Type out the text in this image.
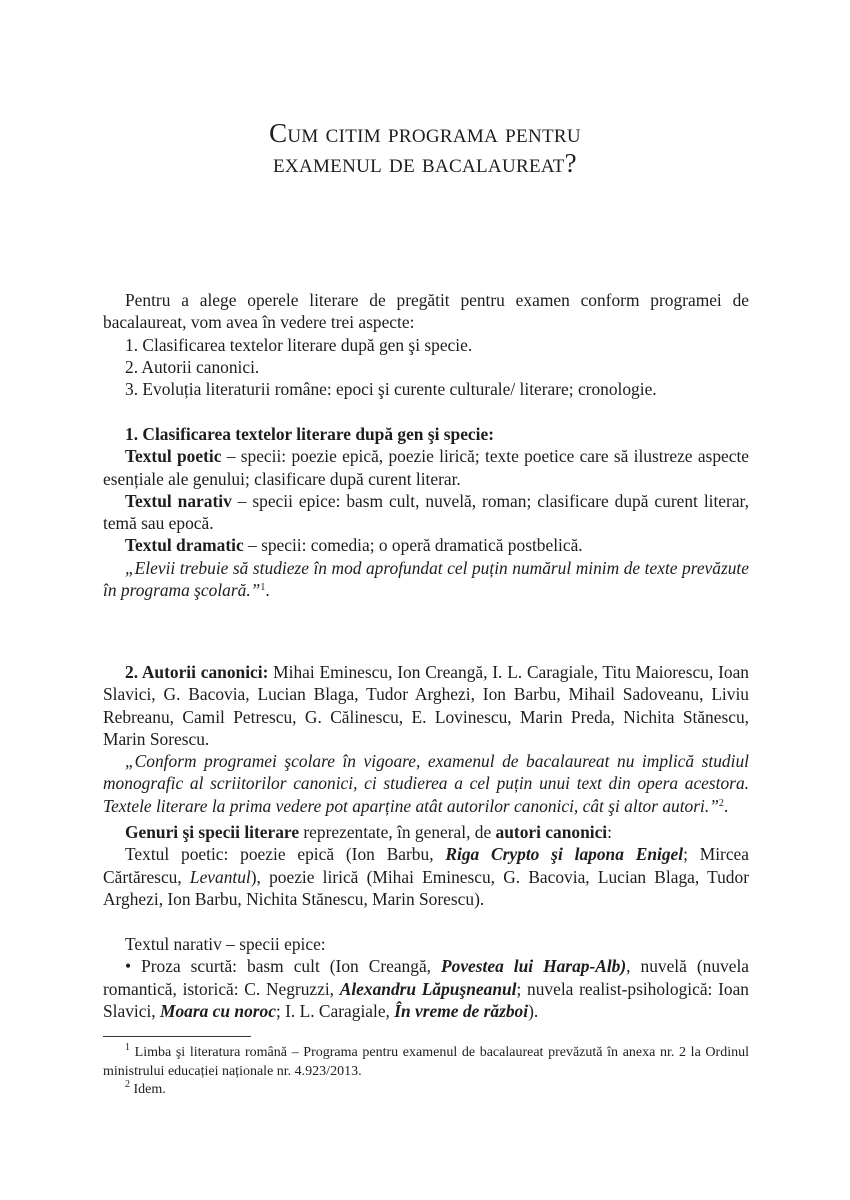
Cum citim programa pentru
examenul de bacalaureat?

Pentru a alege operele literare de pregătit pentru examen conform programei de bacalaureat, vom avea în vedere trei aspecte:

1. Clasificarea textelor literare după gen şi specie.

2. Autorii canonici.

3. Evoluția literaturii române: epoci şi curente culturale/ literare; cronologie.

1. Clasificarea textelor literare după gen şi specie:

Textul poetic – specii: poezie epică, poezie lirică; texte poetice care să ilustreze aspecte esențiale ale genului; clasificare după curent literar.

Textul narativ – specii epice: basm cult, nuvelă, roman; clasificare după curent literar, temă sau epocă.

Textul dramatic – specii: comedia; o operă dramatică postbelică.

„Elevii trebuie să studieze în mod aprofundat cel puțin numărul minim de texte prevăzute în programa şcolară.”$^1$.

2. Autorii canonici: Mihai Eminescu, Ion Creangă, I. L. Caragiale, Titu Maiorescu, Ioan Slavici, G. Bacovia, Lucian Blaga, Tudor Arghezi, Ion Barbu, Mihail Sadoveanu, Liviu Rebreanu, Camil Petrescu, G. Călinescu, E. Lovinescu, Marin Preda, Nichita Stănescu, Marin Sorescu.

„Conform programei şcolare în vigoare, examenul de bacalaureat nu implică studiul monografic al scriitorilor canonici, ci studierea a cel puțin unui text din opera acestora. Textele literare la prima vedere pot aparține atât autorilor canonici, cât şi altor autori.”$^2$.

Genuri şi specii literare reprezentate, în general, de autori canonici:

Textul poetic: poezie epică (Ion Barbu, Riga Crypto şi lapona Enigel; Mircea Cărtărescu, Levantul), poezie lirică (Mihai Eminescu, G. Bacovia, Lucian Blaga, Tudor Arghezi, Ion Barbu, Nichita Stănescu, Marin Sorescu).

Textul narativ – specii epice:

• Proza scurtă: basm cult (Ion Creangă, Povestea lui Harap-Alb), nuvelă (nuvela romantică, istorică: C. Negruzzi, Alexandru Lăpuşneanul; nuvela realist-psihologică: Ioan Slavici, Moara cu noroc; I. L. Caragiale, În vreme de război).

$^1$ Limba şi literatura română – Programa pentru examenul de bacalaureat prevăzută în anexa nr. 2 la Ordinul ministrului educației naționale nr. 4.923/2013.

$^2$ Idem.
